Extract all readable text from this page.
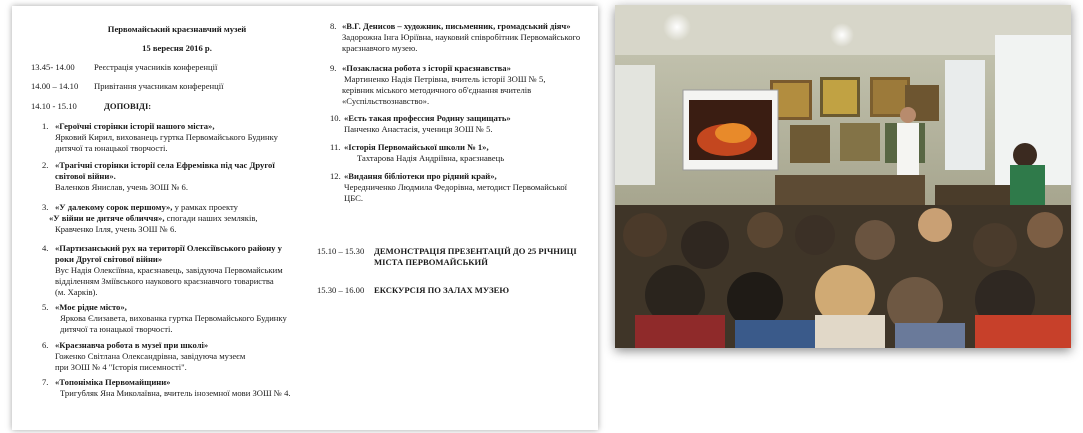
Первомайський краєзнавчий музей
15 вересня 2016 р.
13.45- 14.00 Реєстрація учасників конференції
14.00 – 14.10 Привітання учасникам конференції
14.10 - 15.10	ДОПОВІДІ:
1. «Героїчні сторінки історії нашого міста»,
Ярковий Кирил, вихованець гуртка Первомайського Будинку
дитячої та юнацької творчості.
2. «Трагічні сторінки історії села Ефремівка під час Другої
світової війни».
Валенков Янислав, учень ЗОШ № 6.
3. «У далекому сорок першому», у рамках проекту
«У війни не дитяче обличчя», спогади наших земляків,
Кравченко Ілля, учень ЗОШ № 6.
4. «Партизанський рух на території Олексіївського району у
роки Другої світової війни»
Вус Надія Олексіївна, краєзнавець, завідуюча Первомайським
відділенням Зміївського наукового краєзнавчого товариства
(м. Харків).
5. «Моє рідне місто»,
Яркова Єлизавета, вихованка гуртка Первомайського Будинку
дитячої та юнацької творчості.
6. «Краєзнавча робота в музеї при школі»
Гоженко Світлана Олександрівна, завідуюча музеєм
при ЗОШ № 4 "Історія писемності".
7. «Топоніміка Первомайщини»
Тригубляк Яна Миколаївна, вчитель іноземної мови ЗОШ № 4.
8. «В.Г. Денисов – художник, письменник, громадський діяч»
Задорожна Інга Юріївна, науковий співробітник Первомайського
краєзнавчого музею.
9. «Позакласна робота з історії краєзнавства»
Мартиненко Надія Петрівна, вчитель історії ЗОШ № 5,
керівник міського методичного об'єднання вчителів
«Суспільствознавство».
10. «Есть такая профессия Родину защищать»
Панченко Анастасія, учениця ЗОШ № 5.
11. «Історія Первомайської школи № 1»,
Тахтарова Надія Андріївна, краєзнавець
12. «Видання бібліотеки про рідний край»,
Чередниченко Людмила Федорівна, методист Первомайської
ЦБС.
15.10 – 15.30 ДЕМОНСТРАЦІЯ ПРЕЗЕНТАЦІЙ ДО 25 РІЧНИЦІ
МІСТА ПЕРВОМАЙСЬКИЙ
15.30 – 16.00 ЕКСКУРСІЯ ПО ЗАЛАХ МУЗЕЮ
